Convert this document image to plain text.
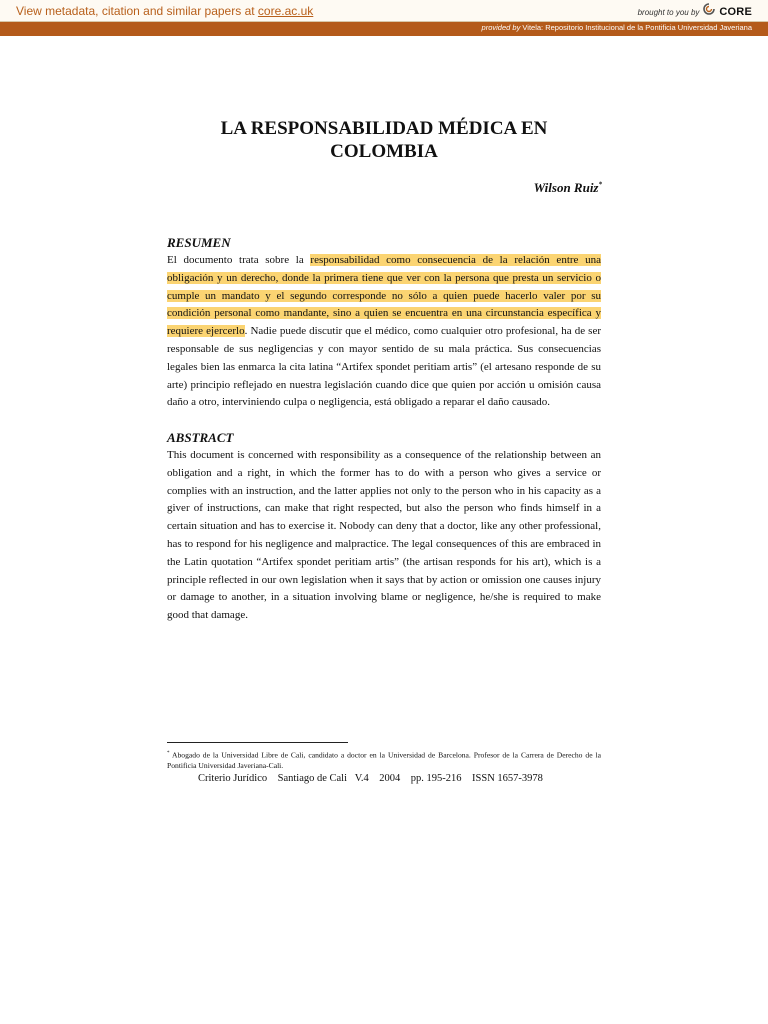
View metadata, citation and similar papers at core.ac.uk	brought to you by CORE
provided by Vitela: Repositorio Institucional de la Pontificia Universidad Javeriana
LA RESPONSABILIDAD MÉDICA EN COLOMBIA
Wilson Ruiz*
RESUMEN

El documento trata sobre la responsabilidad como consecuencia de la relación entre una obligación y un derecho, donde la primera tiene que ver con la persona que presta un servicio o cumple un mandato y el segundo corresponde no sólo a quien puede hacerlo valer por su condición personal como mandante, sino a quien se encuentra en una circunstancia específica y requiere ejercerlo. Nadie puede discutir que el médico, como cualquier otro profesional, ha de ser responsable de sus negligencias y con mayor sentido de su mala práctica. Sus consecuencias legales bien las enmarca la cita latina “Artifex spondet peritiam artis” (el artesano responde de su arte) principio reflejado en nuestra legislación cuando dice que quien por acción u omisión causa daño a otro, interviniendo culpa o negligencia, está obligado a reparar el daño causado.

ABSTRACT

This document is concerned with responsibility as a consequence of the relationship between an obligation and a right, in which the former has to do with a person who gives a service or complies with an instruction, and the latter applies not only to the person who in his capacity as a giver of instructions, can make that right respected, but also the person who finds himself in a certain situation and has to exercise it. Nobody can deny that a doctor, like any other professional, has to respond for his negligence and malpractice. The legal consequences of this are embraced in the Latin quotation “Artifex spondet peritiam artis” (the artisan responds for his art), which is a principle reflected in our own legislation when it says that by action or omission one causes injury or damage to another, in a situation involving blame or negligence, he/she is required to make good that damage.

* Abogado de la Universidad Libre de Cali, candidato a doctor en la Universidad de Barcelona. Profesor de la Carrera de Derecho de la Pontificia Universidad Javeriana-Cali.

Criterio Jurídico    Santiago de Cali   V.4    2004    pp. 195-216    ISSN 1657-3978
